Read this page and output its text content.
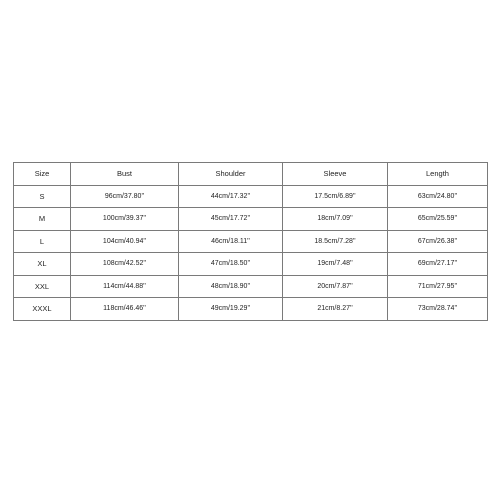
Size	Bust	Shoulder	Sleeve	Length
S	96cm/37.80''	44cm/17.32''	17.5cm/6.89''	63cm/24.80''
M	100cm/39.37''	45cm/17.72''	18cm/7.09''	65cm/25.59''
L	104cm/40.94''	46cm/18.11''	18.5cm/7.28''	67cm/26.38''
XL	108cm/42.52''	47cm/18.50''	19cm/7.48''	69cm/27.17''
XXL	114cm/44.88''	48cm/18.90''	20cm/7.87''	71cm/27.95''
XXXL	118cm/46.46''	49cm/19.29''	21cm/8.27''	73cm/28.74''
